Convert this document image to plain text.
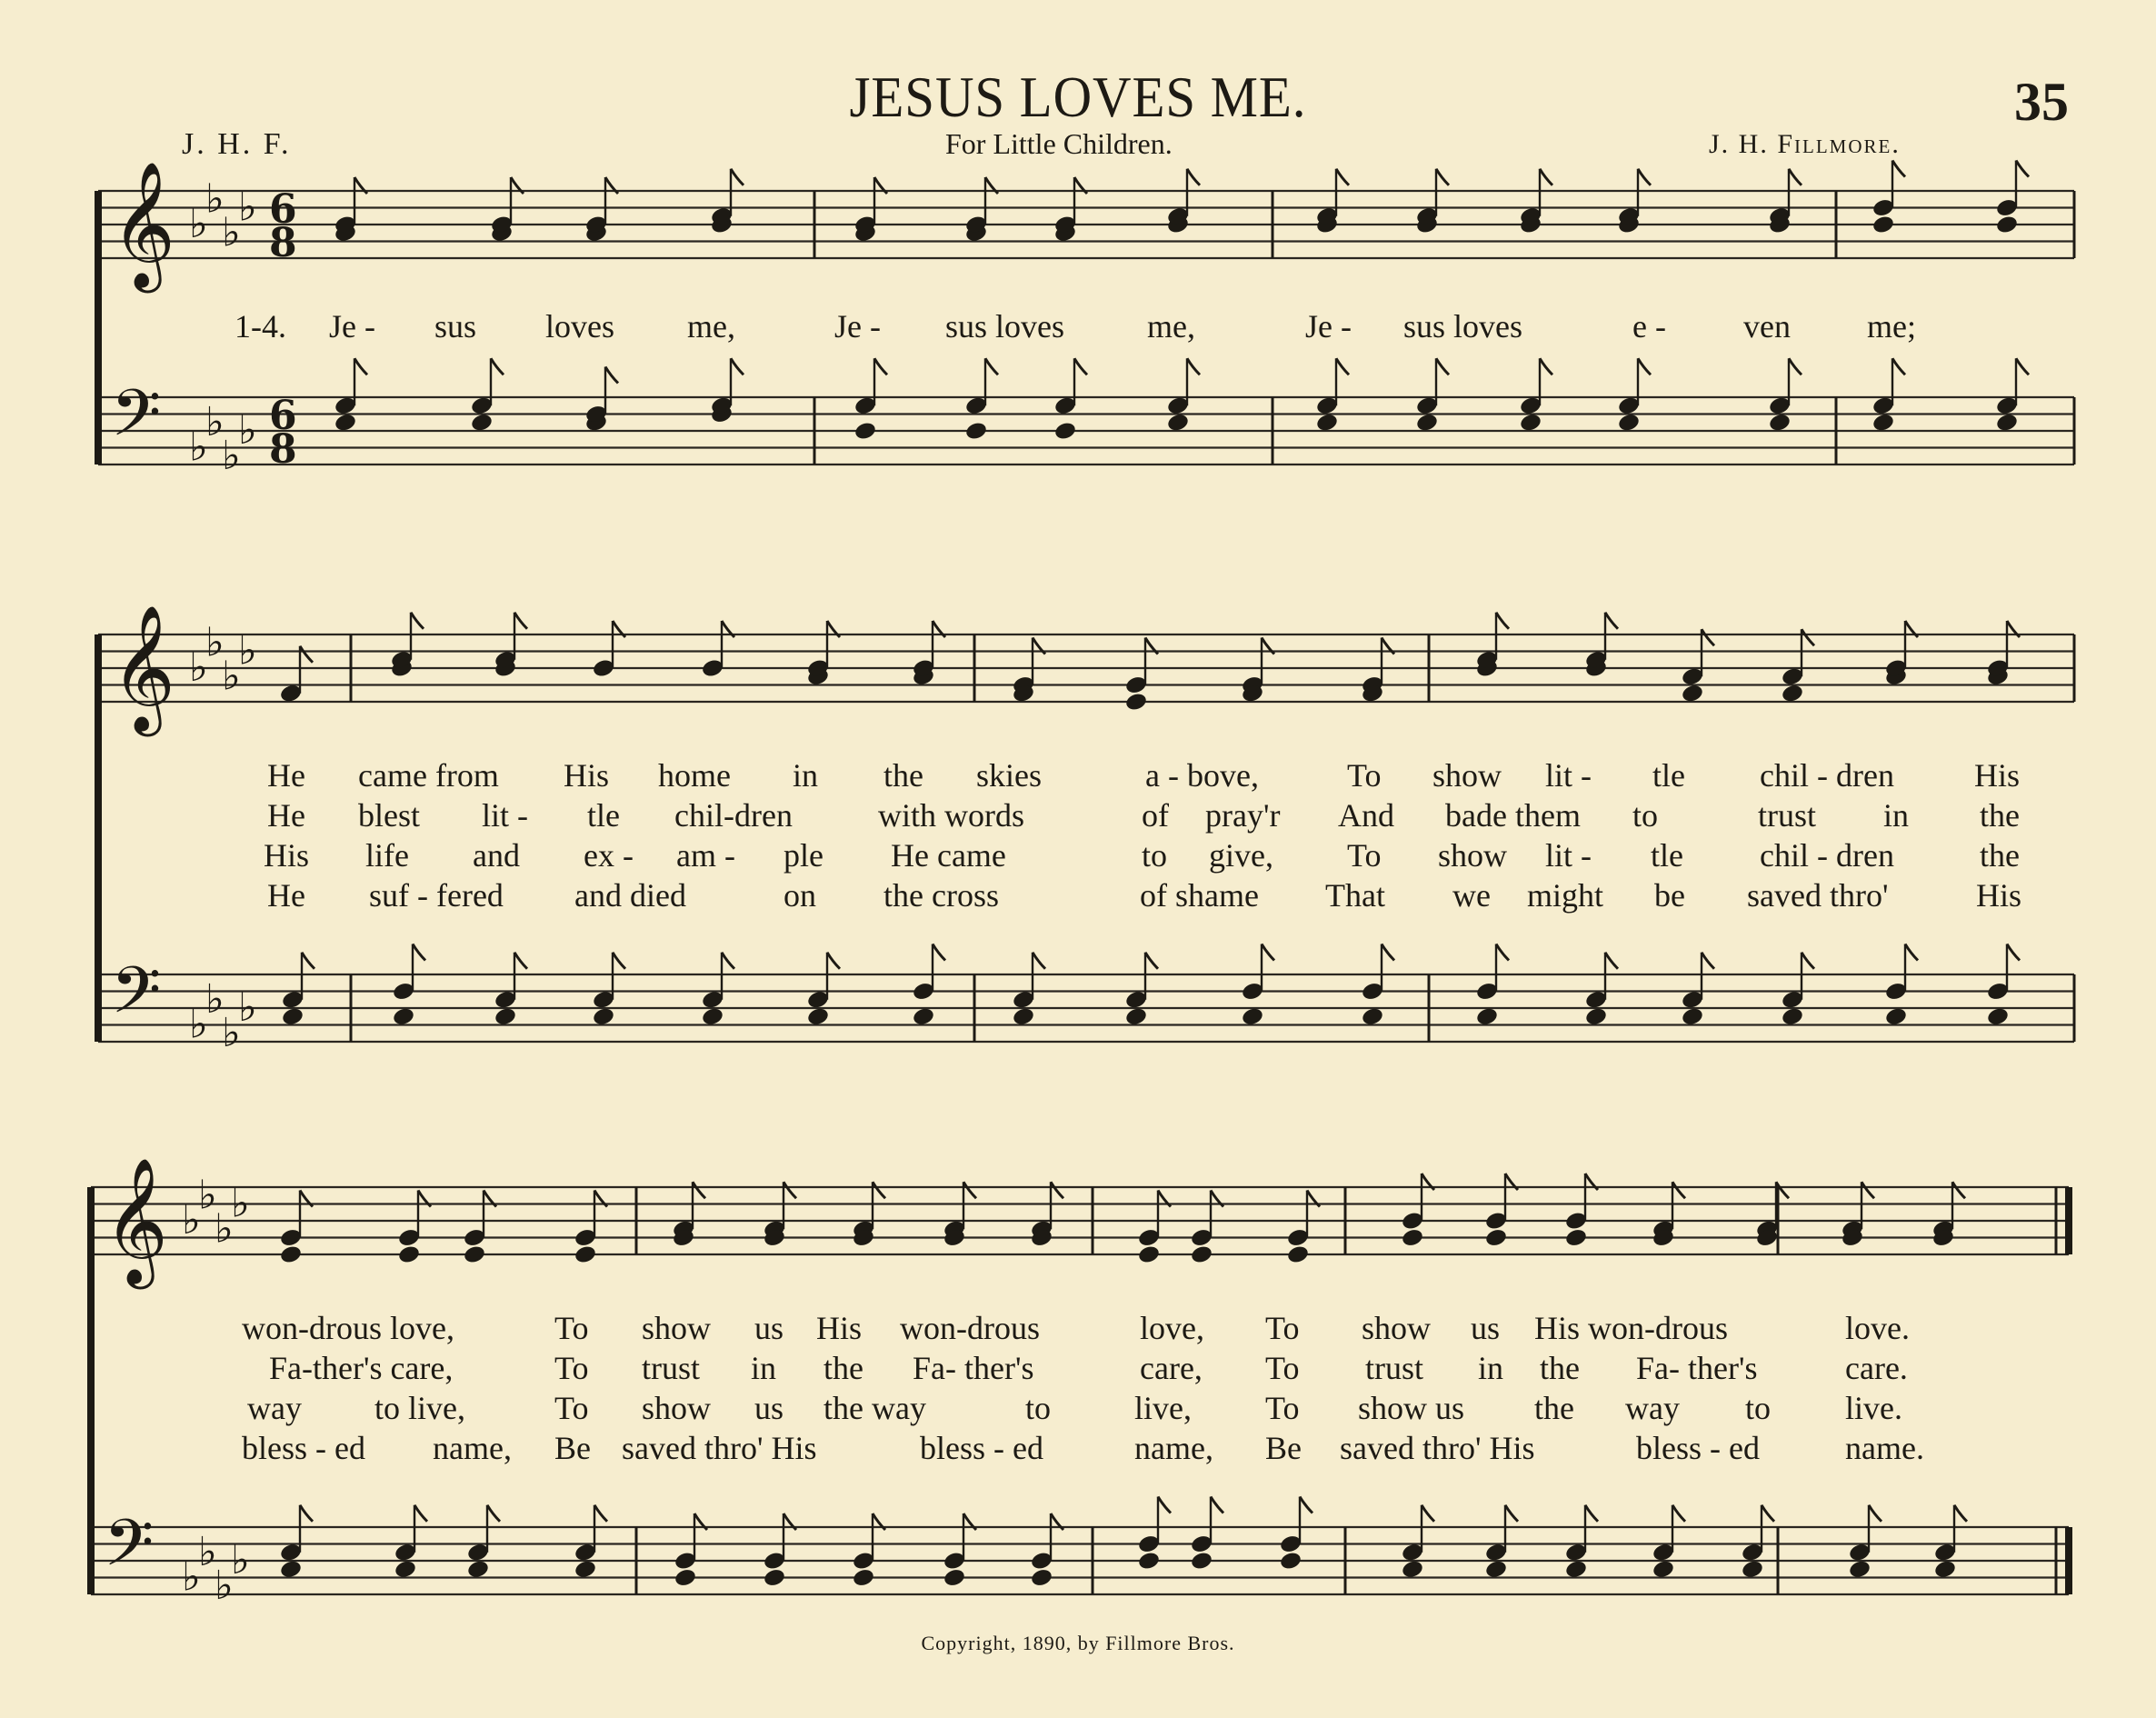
JESUS LOVES ME.	35
J. H. F.	For Little Children.	J. H. Fillmore.
𝄞 ♭
♭
♭
♭ 6
8
𝄢 ♭
♭
♭
♭ 6
8
𝄞 ♭
♭
♭
♭
𝄢 ♭
♭
♭
♭
𝄞 ♭
♭
♭
♭
𝄢 ♭
♭
♭
♭
1-4. Je - sus loves me,	Je - sus loves	me,	Je - sus loves	e - ven me;
He came from His home in the skies	a - bove,	To show lit - tle chil - dren His
He blest lit - tle chil-dren	with words	of pray'r And bade them to	trust in the
His life and ex - am - ple He came	to give, To show lit - tle chil - dren	the
He suf - fered and died	on the cross	of shame That we might be saved thro'	His
won-drous love,	To show us His won-drous	love, To show us His won-drous	love.
Fa-ther's care,	To trust in the Fa- ther's	care, To trust in the Fa- ther's	care.
way to live,	To show us the way	to	live, To show us the way to live.
bless - ed name, Be saved thro' His	bless - ed	name, Be saved thro' His	bless - ed	name.
Copyright, 1890, by Fillmore Bros.
